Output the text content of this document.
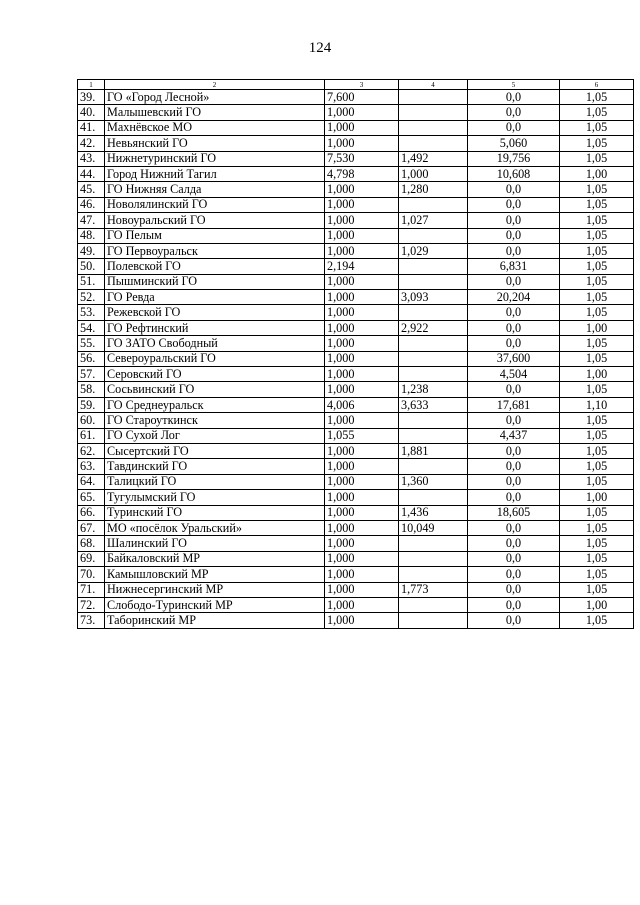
124
1	2	3	4	5	6
39.	ГО «Город Лесной»	7,600		0,0	1,05
40.	Малышевский ГО	1,000		0,0	1,05
41.	Махнёвское МО	1,000		0,0	1,05
42.	Невьянский ГО	1,000		5,060	1,05
43.	Нижнетуринский ГО	7,530	1,492	19,756	1,05
44.	Город Нижний Тагил	4,798	1,000	10,608	1,00
45.	ГО Нижняя Салда	1,000	1,280	0,0	1,05
46.	Новолялинский ГО	1,000		0,0	1,05
47.	Новоуральский ГО	1,000	1,027	0,0	1,05
48.	ГО Пелым	1,000		0,0	1,05
49.	ГО Первоуральск	1,000	1,029	0,0	1,05
50.	Полевской ГО	2,194		6,831	1,05
51.	Пышминский ГО	1,000		0,0	1,05
52.	ГО Ревда	1,000	3,093	20,204	1,05
53.	Режевской ГО	1,000		0,0	1,05
54.	ГО Рефтинский	1,000	2,922	0,0	1,00
55.	ГО ЗАТО Свободный	1,000		0,0	1,05
56.	Североуральский ГО	1,000		37,600	1,05
57.	Серовский ГО	1,000		4,504	1,00
58.	Сосьвинский ГО	1,000	1,238	0,0	1,05
59.	ГО Среднеуральск	4,006	3,633	17,681	1,10
60.	ГО Староуткинск	1,000		0,0	1,05
61.	ГО Сухой Лог	1,055		4,437	1,05
62.	Сысертский ГО	1,000	1,881	0,0	1,05
63.	Тавдинский ГО	1,000		0,0	1,05
64.	Талицкий ГО	1,000	1,360	0,0	1,05
65.	Тугулымский ГО	1,000		0,0	1,00
66.	Туринский ГО	1,000	1,436	18,605	1,05
67.	МО «посёлок Уральский»	1,000	10,049	0,0	1,05
68.	Шалинский ГО	1,000		0,0	1,05
69.	Байкаловский МР	1,000		0,0	1,05
70.	Камышловский МР	1,000		0,0	1,05
71.	Нижнесергинский МР	1,000	1,773	0,0	1,05
72.	Слободо-Туринский МР	1,000		0,0	1,00
73.	Таборинский МР	1,000		0,0	1,05
